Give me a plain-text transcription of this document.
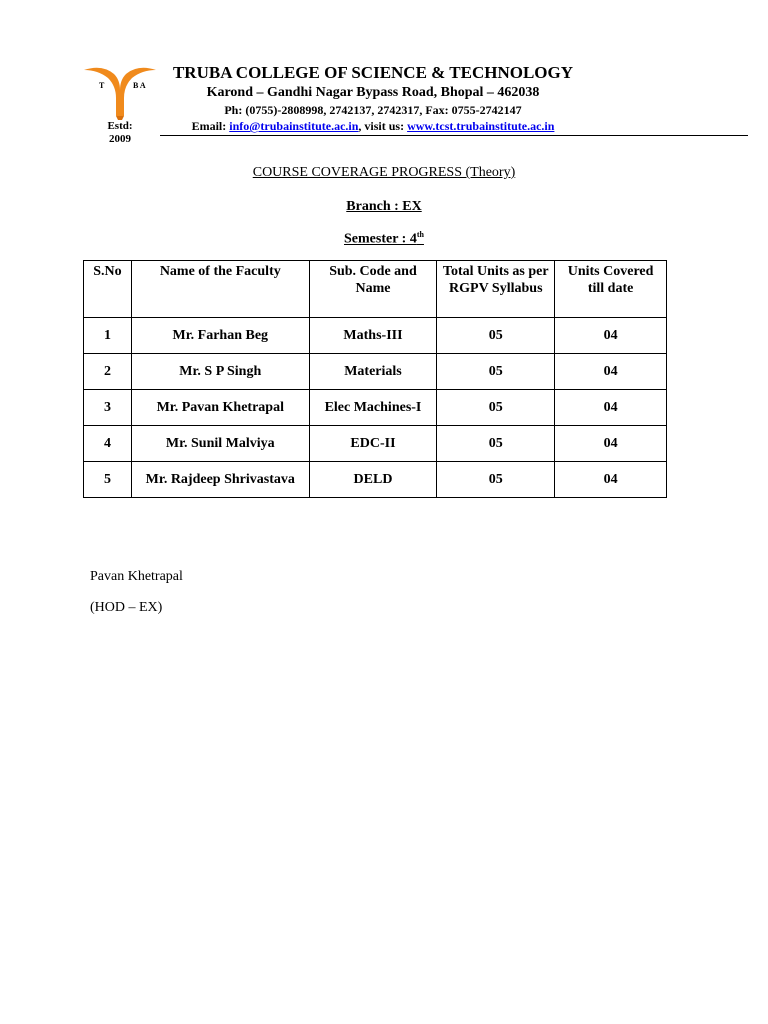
T	B A
Estd:
2009
TRUBA COLLEGE OF SCIENCE & TECHNOLOGY
Karond – Gandhi Nagar Bypass Road, Bhopal – 462038
Ph: (0755)-2808998, 2742137, 2742317, Fax: 0755-2742147
Email: info@trubainstitute.ac.in, visit us: www.tcst.trubainstitute.ac.in
COURSE COVERAGE PROGRESS (Theory)
Branch : EX
Semester : 4th
S.No	Name of the Faculty	Sub. Code and Name	Total Units as per RGPV Syllabus	Units Covered till date
1	Mr. Farhan Beg	Maths-III	05	04
2	Mr. S P Singh	Materials	05	04
3	Mr. Pavan Khetrapal	Elec Machines-I	05	04
4	Mr. Sunil Malviya	EDC-II	05	04
5	Mr. Rajdeep Shrivastava	DELD	05	04
Pavan Khetrapal
(HOD – EX)
